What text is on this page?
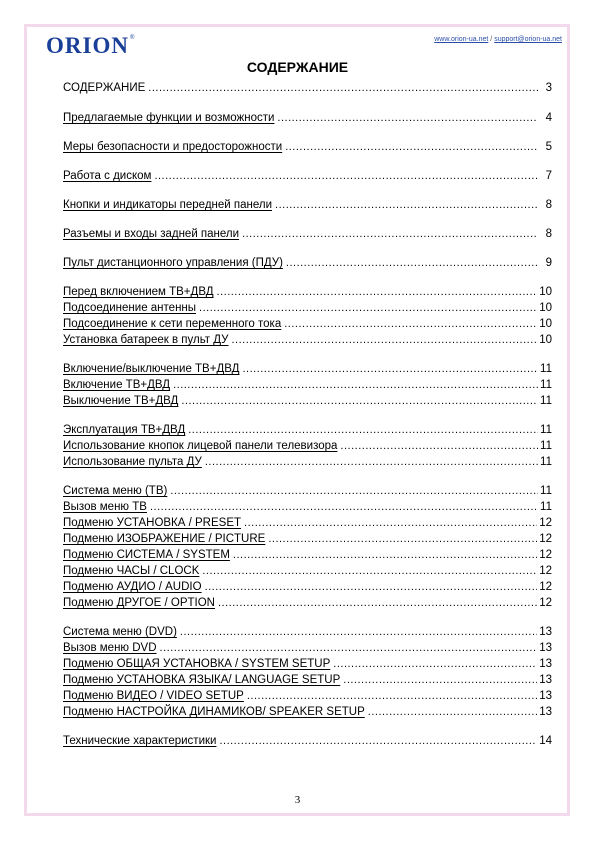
ORION ®	www.orion-ua.net / support@orion-ua.net
СОДЕРЖАНИЕ
СОДЕРЖАНИЕ .....	3
Предлагаемые функции и возможности .....	4
Меры безопасности и предосторожности .....	5
Работа с диском .....	7
Кнопки и индикаторы передней панели .....	8
Разъемы и входы задней панели .....	8
Пульт дистанционного управления (ПДУ) .....	9
Перед включением ТВ+ДВД .....	10
Подсоединение антенны .....	10
Подсоединение к сети переменного тока .....	10
Установка батареек в пульт ДУ .....	10
Включение/выключение ТВ+ДВД .....	11
Включение ТВ+ДВД .....	11
Выключение ТВ+ДВД .....	11
Эксплуатация ТВ+ДВД .....	11
Использование кнопок лицевой панели телевизора .....	11
Использование пульта ДУ .....	11
Система меню (ТВ) .....	11
Вызов меню ТВ .....	11
Подменю УСТАНОВКА / PRESET .....	12
Подменю ИЗОБРАЖЕНИЕ / PICTURE .....	12
Подменю СИСТЕМА / SYSTEM .....	12
Подменю ЧАСЫ / CLOCK .....	12
Подменю АУДИО / AUDIO .....	12
Подменю ДРУГОЕ / OPTION .....	12
Система меню (DVD) .....	13
Вызов меню DVD .....	13
Подменю ОБЩАЯ УСТАНОВКА / SYSTEM SETUP .....	13
Подменю УСТАНОВКА ЯЗЫКА/ LANGUAGE SETUP .....	13
Подменю ВИДЕО / VIDEO SETUP .....	13
Подменю НАСТРОЙКА ДИНАМИКОВ/ SPEAKER SETUP .....	13
Технические характеристики .....	14
3
